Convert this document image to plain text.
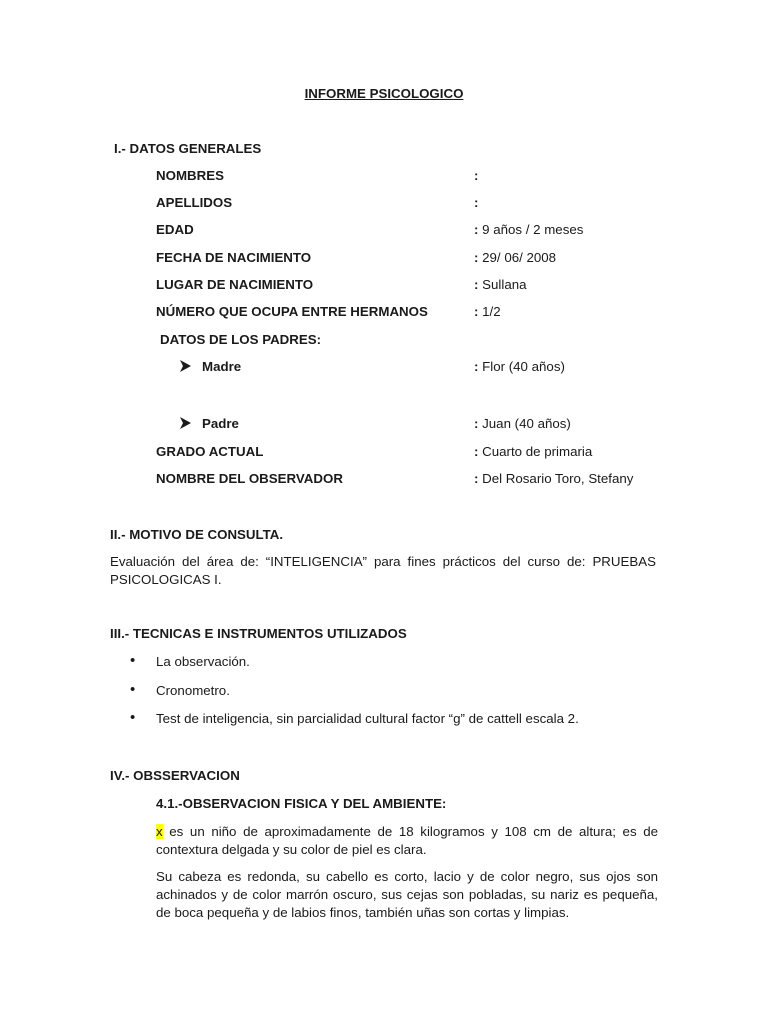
INFORME PSICOLOGICO
I.- DATOS GENERALES
NOMBRES	:
APELLIDOS	:
EDAD	: 9 años / 2 meses
FECHA DE NACIMIENTO	: 29/ 06/ 2008
LUGAR DE NACIMIENTO	: Sullana
NÚMERO QUE OCUPA ENTRE HERMANOS	: 1/2
DATOS DE LOS PADRES:
Madre	: Flor (40 años)
Padre	: Juan (40 años)
GRADO ACTUAL	: Cuarto de primaria
NOMBRE DEL OBSERVADOR	: Del Rosario Toro, Stefany
II.- MOTIVO DE CONSULTA.
Evaluación del área de: “INTELIGENCIA” para fines prácticos del curso de: PRUEBAS PSICOLOGICAS I.
III.- TECNICAS E INSTRUMENTOS UTILIZADOS
• La observación.
• Cronometro.
• Test de inteligencia, sin parcialidad cultural factor “g” de cattell escala 2.
IV.- OBSSERVACION
4.1.-OBSERVACION FISICA Y DEL AMBIENTE:
x es un niño de aproximadamente de 18 kilogramos y 108 cm de altura; es de contextura delgada y su color de piel es clara.
Su cabeza es redonda, su cabello es corto, lacio y de color negro, sus ojos son achinados y de color marrón oscuro, sus cejas son pobladas, su nariz es pequeña, de boca pequeña y de labios finos, también uñas son cortas y limpias.
